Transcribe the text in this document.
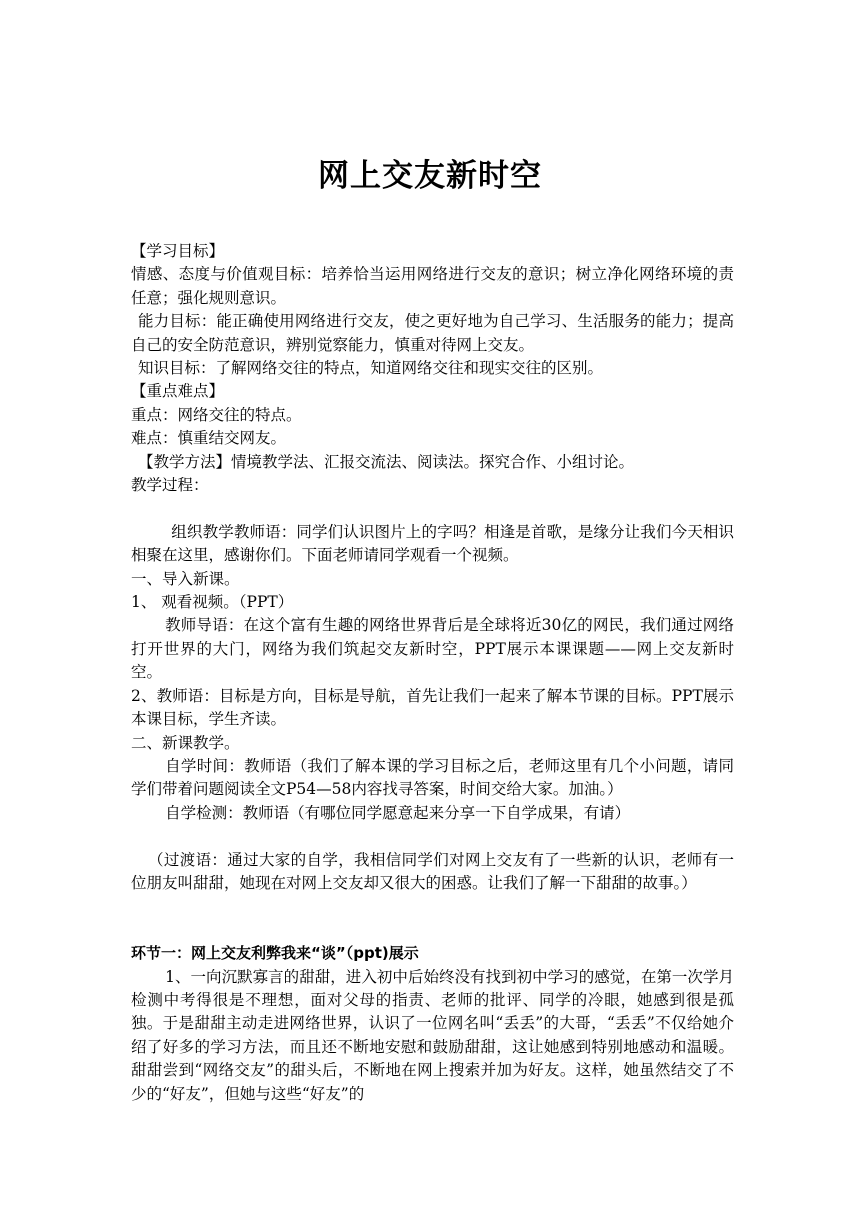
网上交友新时空

【学习目标】

情感、态度与价值观目标：培养恰当运用网络进行交友的意识；树立净化网络环境的责任意；强化规则意识。

能力目标：能正确使用网络进行交友，使之更好地为自己学习、生活服务的能力；提高自己的安全防范意识，辨别觉察能力，慎重对待网上交友。

知识目标：了解网络交往的特点，知道网络交往和现实交往的区别。

【重点难点】

重点：网络交往的特点。

难点：慎重结交网友。

【教学方法】情境教学法、汇报交流法、阅读法。探究合作、小组讨论。

教学过程：

组织教学教师语：同学们认识图片上的字吗？相逢是首歌，是缘分让我们今天相识相聚在这里，感谢你们。下面老师请同学观看一个视频。

一、导入新课。

1、 观看视频。（PPT）

教师导语：在这个富有生趣的网络世界背后是全球将近30亿的网民，我们通过网络打开世界的大门，网络为我们筑起交友新时空，PPT展示本课课题——网上交友新时空。

2、教师语：目标是方向，目标是导航，首先让我们一起来了解本节课的目标。PPT展示本课目标，学生齐读。

二、新课教学。

自学时间：教师语（我们了解本课的学习目标之后，老师这里有几个小问题，请同学们带着问题阅读全文P54—58内容找寻答案，时间交给大家。加油。）

自学检测：教师语（有哪位同学愿意起来分享一下自学成果，有请）

（过渡语：通过大家的自学，我相信同学们对网上交友有了一些新的认识，老师有一位朋友叫甜甜，她现在对网上交友却又很大的困惑。让我们了解一下甜甜的故事。）

环节一：网上交友利弊我来“谈”（ppt)展示

1、一向沉默寡言的甜甜，进入初中后始终没有找到初中学习的感觉，在第一次学月检测中考得很是不理想，面对父母的指责、老师的批评、同学的冷眼，她感到很是孤独。于是甜甜主动走进网络世界，认识了一位网名叫“丢丢”的大哥，“丢丢”不仅给她介绍了好多的学习方法，而且还不断地安慰和鼓励甜甜，这让她感到特别地感动和温暖。甜甜尝到“网络交友”的甜头后，不断地在网上搜索并加为好友。这样，她虽然结交了不少的“好友”，但她与这些“好友”的
